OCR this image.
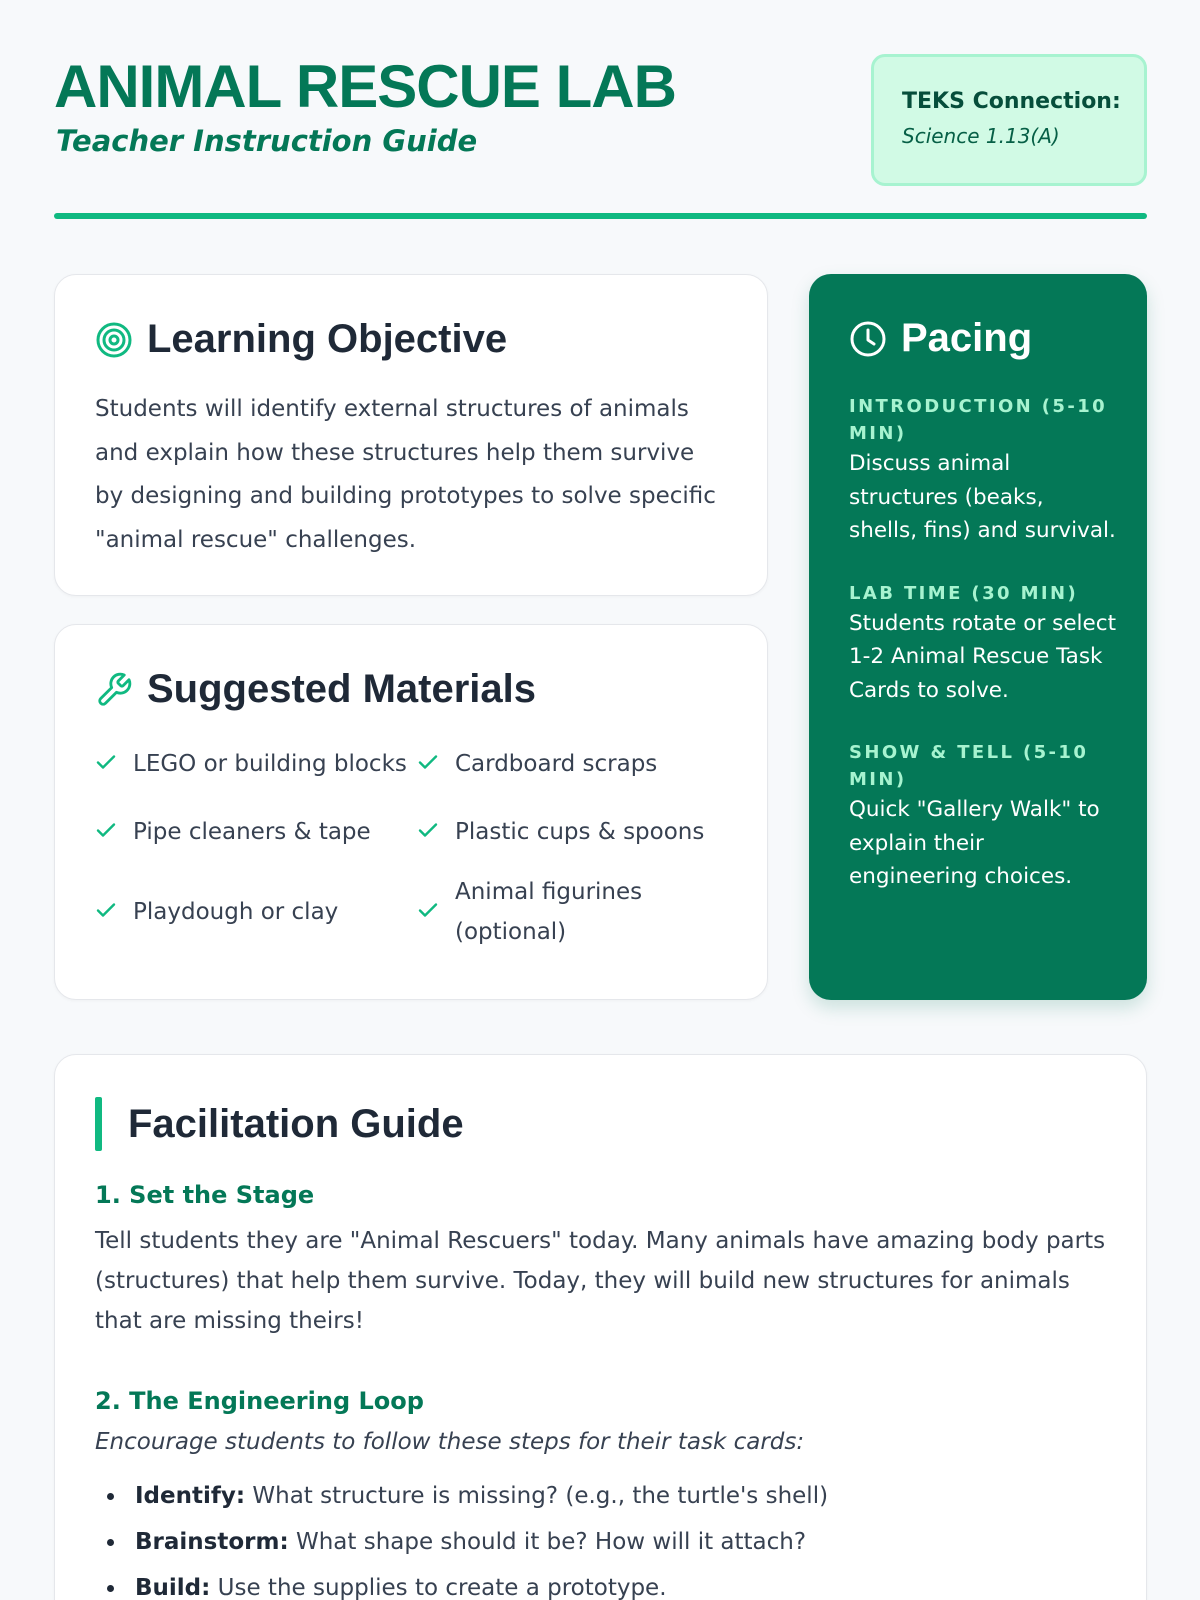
ANIMAL RESCUE LAB
Teacher Instruction Guide
TEKS Connection:
Science 1.13(A)
Learning Objective

Students will identify external structures of animals and explain how these structures help them survive by designing and building prototypes to solve specific "animal rescue" challenges.

Suggested Materials
LEGO or building blocks Cardboard scraps
Pipe cleaners & tape	Plastic cups & spoons
Playdough or clay
Animal figurines (optional)
Pacing
INTRODUCTION (5-10 MIN)
Discuss animal structures (beaks, shells, fins) and survival.
LAB TIME (30 MIN)
Students rotate or select 1-2 Animal Rescue Task Cards to solve.
SHOW & TELL (5-10 MIN)
Quick "Gallery Walk" to explain their engineering choices.
Facilitation Guide
1. Set the Stage

Tell students they are "Animal Rescuers" today. Many animals have amazing body parts (structures) that help them survive. Today, they will build new structures for animals that are missing theirs!

2. The Engineering Loop

Encourage students to follow these steps for their task cards:

Identify: What structure is missing? (e.g., the turtle's shell)
Brainstorm: What shape should it be? How will it attach?
Build: Use the supplies to create a prototype.
